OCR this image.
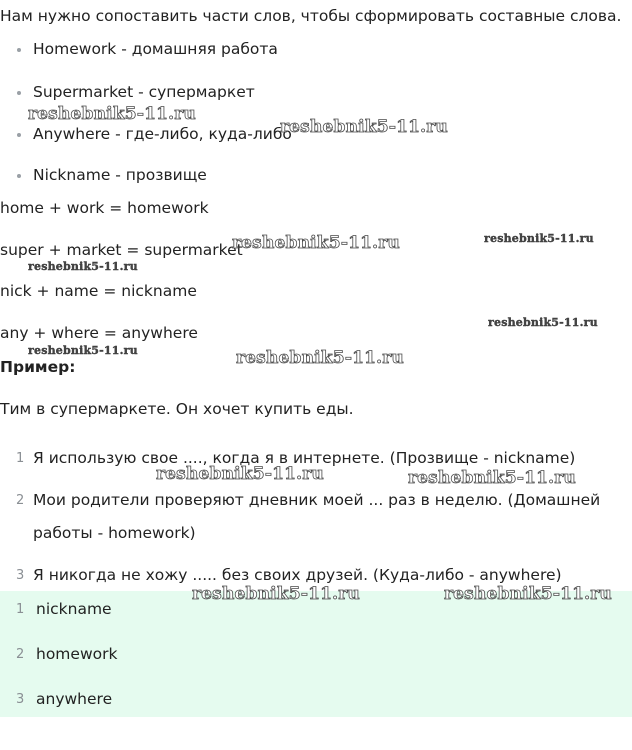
Нам нужно сопоставить части слов, чтобы сформировать составные слова.
Homework - домашняя работа
Supermarket - супермаркет
Anywhere - где-либо, куда-либо
Nickname - прозвище
home + work = homework
super + market = supermarket
nick + name = nickname
any + where = anywhere
Пример:
Тим в супермаркете. Он хочет купить еды.
1 Я использую свое ...., когда я в интернете. (Прозвище - nickname)
2 Мои родители проверяют дневник моей ... раз в неделю. (Домашней
работы - homework)
3 Я никогда не хожу ..... без своих друзей. (Куда-либо - anywhere)
1 nickname
2 homework
3 anywhere
reshebnik5-11.ru
reshebnik5-11.ru
reshebnik5-11.ru	reshebnik5-11.ru
reshebnik5-11.ru
reshebnik5-11.ru
reshebnik5-11.ru	reshebnik5-11.ru
reshebnik5-11.ru	reshebnik5-11.ru
reshebnik5-11.ru	reshebnik5-11.ru
